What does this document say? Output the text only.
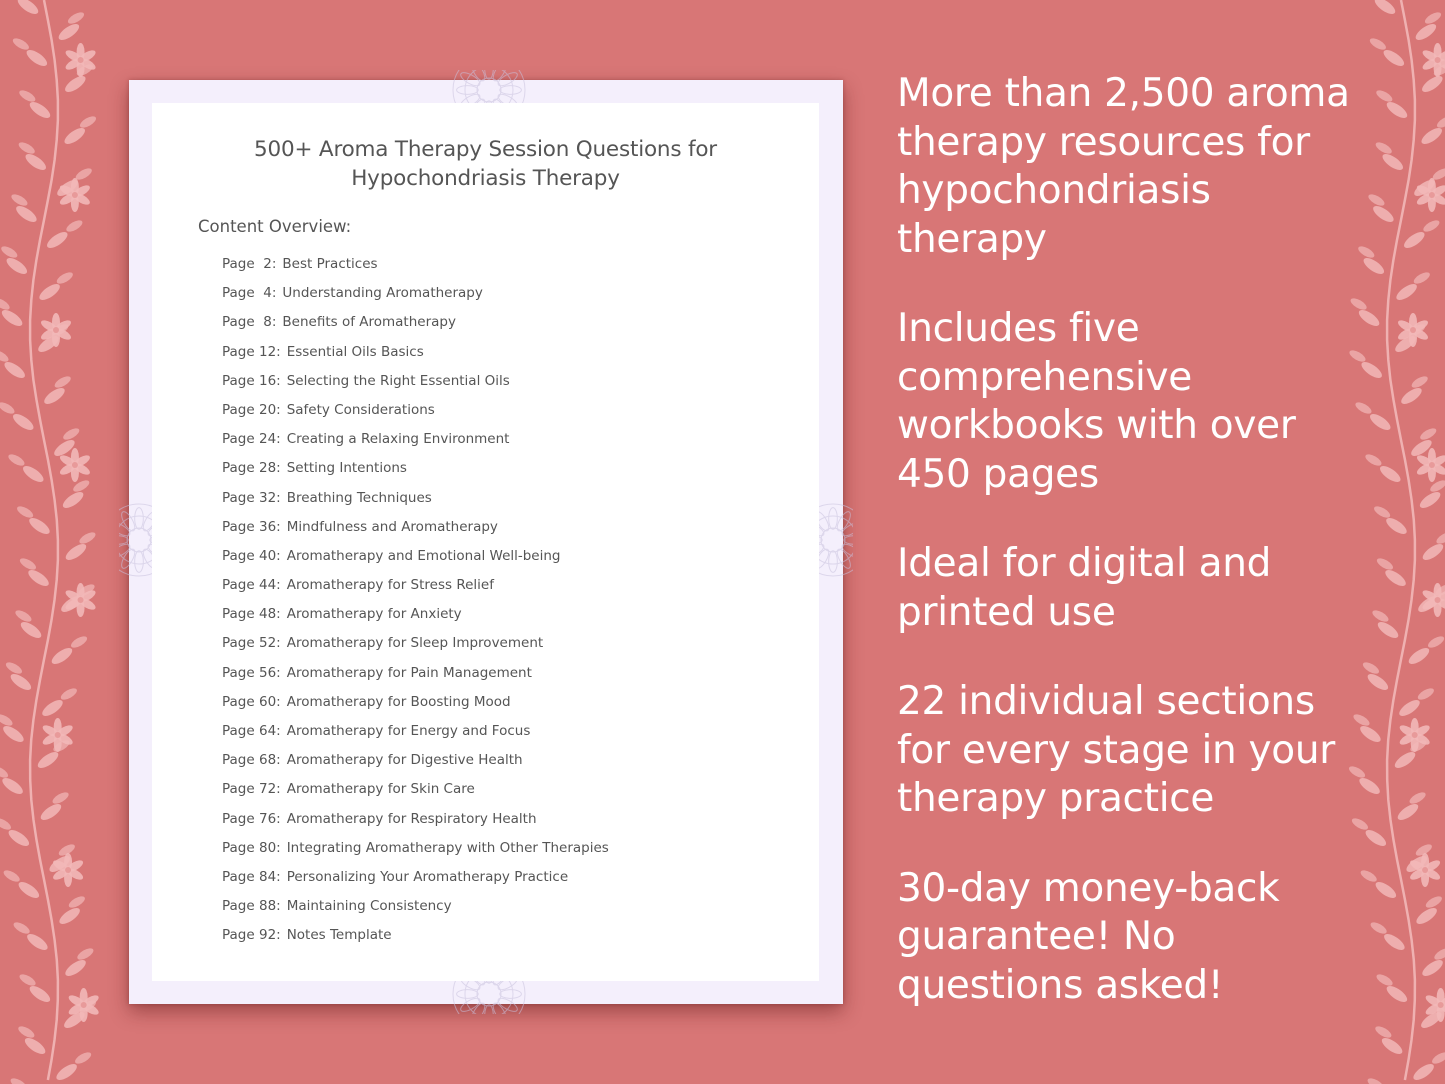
500+ Aroma Therapy Session Questions for
Hypochondriasis Therapy
Content Overview:
Page  2: Best Practices
Page  4: Understanding Aromatherapy
Page  8: Benefits of Aromatherapy
Page 12: Essential Oils Basics
Page 16: Selecting the Right Essential Oils
Page 20: Safety Considerations
Page 24: Creating a Relaxing Environment
Page 28: Setting Intentions
Page 32: Breathing Techniques
Page 36: Mindfulness and Aromatherapy
Page 40: Aromatherapy and Emotional Well-being
Page 44: Aromatherapy for Stress Relief
Page 48: Aromatherapy for Anxiety
Page 52: Aromatherapy for Sleep Improvement
Page 56: Aromatherapy for Pain Management
Page 60: Aromatherapy for Boosting Mood
Page 64: Aromatherapy for Energy and Focus
Page 68: Aromatherapy for Digestive Health
Page 72: Aromatherapy for Skin Care
Page 76: Aromatherapy for Respiratory Health
Page 80: Integrating Aromatherapy with Other Therapies
Page 84: Personalizing Your Aromatherapy Practice
Page 88: Maintaining Consistency
Page 92: Notes Template
More than 2,500 aroma
therapy resources for
hypochondriasis
therapy
Includes five
comprehensive
workbooks with over
450 pages
Ideal for digital and
printed use
22 individual sections
for every stage in your
therapy practice
30-day money-back
guarantee! No
questions asked!
